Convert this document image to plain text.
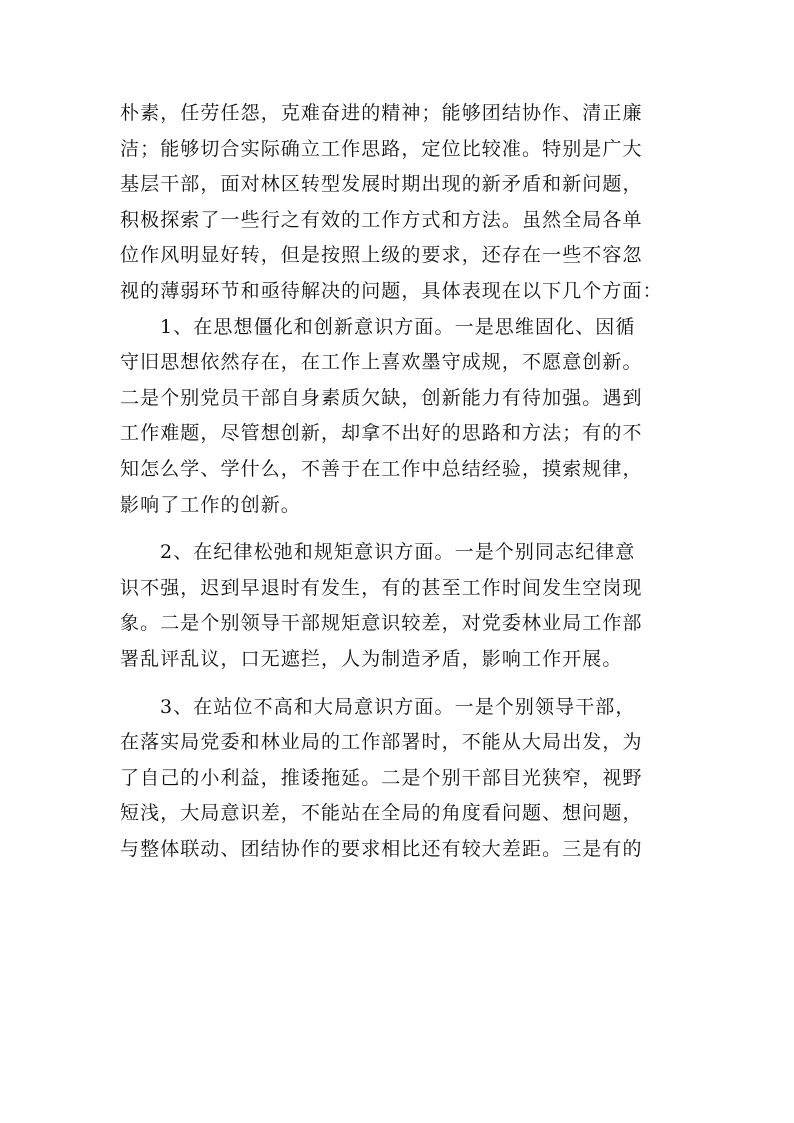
朴素，任劳任怨，克难奋进的精神；能够团结协作、清正廉
洁；能够切合实际确立工作思路，定位比较准。特别是广大
基层干部，面对林区转型发展时期出现的新矛盾和新问题，
积极探索了一些行之有效的工作方式和方法。虽然全局各单
位作风明显好转，但是按照上级的要求，还存在一些不容忽
视的薄弱环节和亟待解决的问题，具体表现在以下几个方面：
1、在思想僵化和创新意识方面。一是思维固化、因循
守旧思想依然存在，在工作上喜欢墨守成规，不愿意创新。
二是个别党员干部自身素质欠缺，创新能力有待加强。遇到
工作难题，尽管想创新，却拿不出好的思路和方法；有的不
知怎么学、学什么，不善于在工作中总结经验，摸索规律，
影响了工作的创新。
2、在纪律松弛和规矩意识方面。一是个别同志纪律意
识不强，迟到早退时有发生，有的甚至工作时间发生空岗现
象。二是个别领导干部规矩意识较差，对党委林业局工作部
署乱评乱议，口无遮拦，人为制造矛盾，影响工作开展。
3、在站位不高和大局意识方面。一是个别领导干部，
在落实局党委和林业局的工作部署时，不能从大局出发，为
了自己的小利益，推诿拖延。二是个别干部目光狭窄，视野
短浅，大局意识差，不能站在全局的角度看问题、想问题，
与整体联动、团结协作的要求相比还有较大差距。三是有的
